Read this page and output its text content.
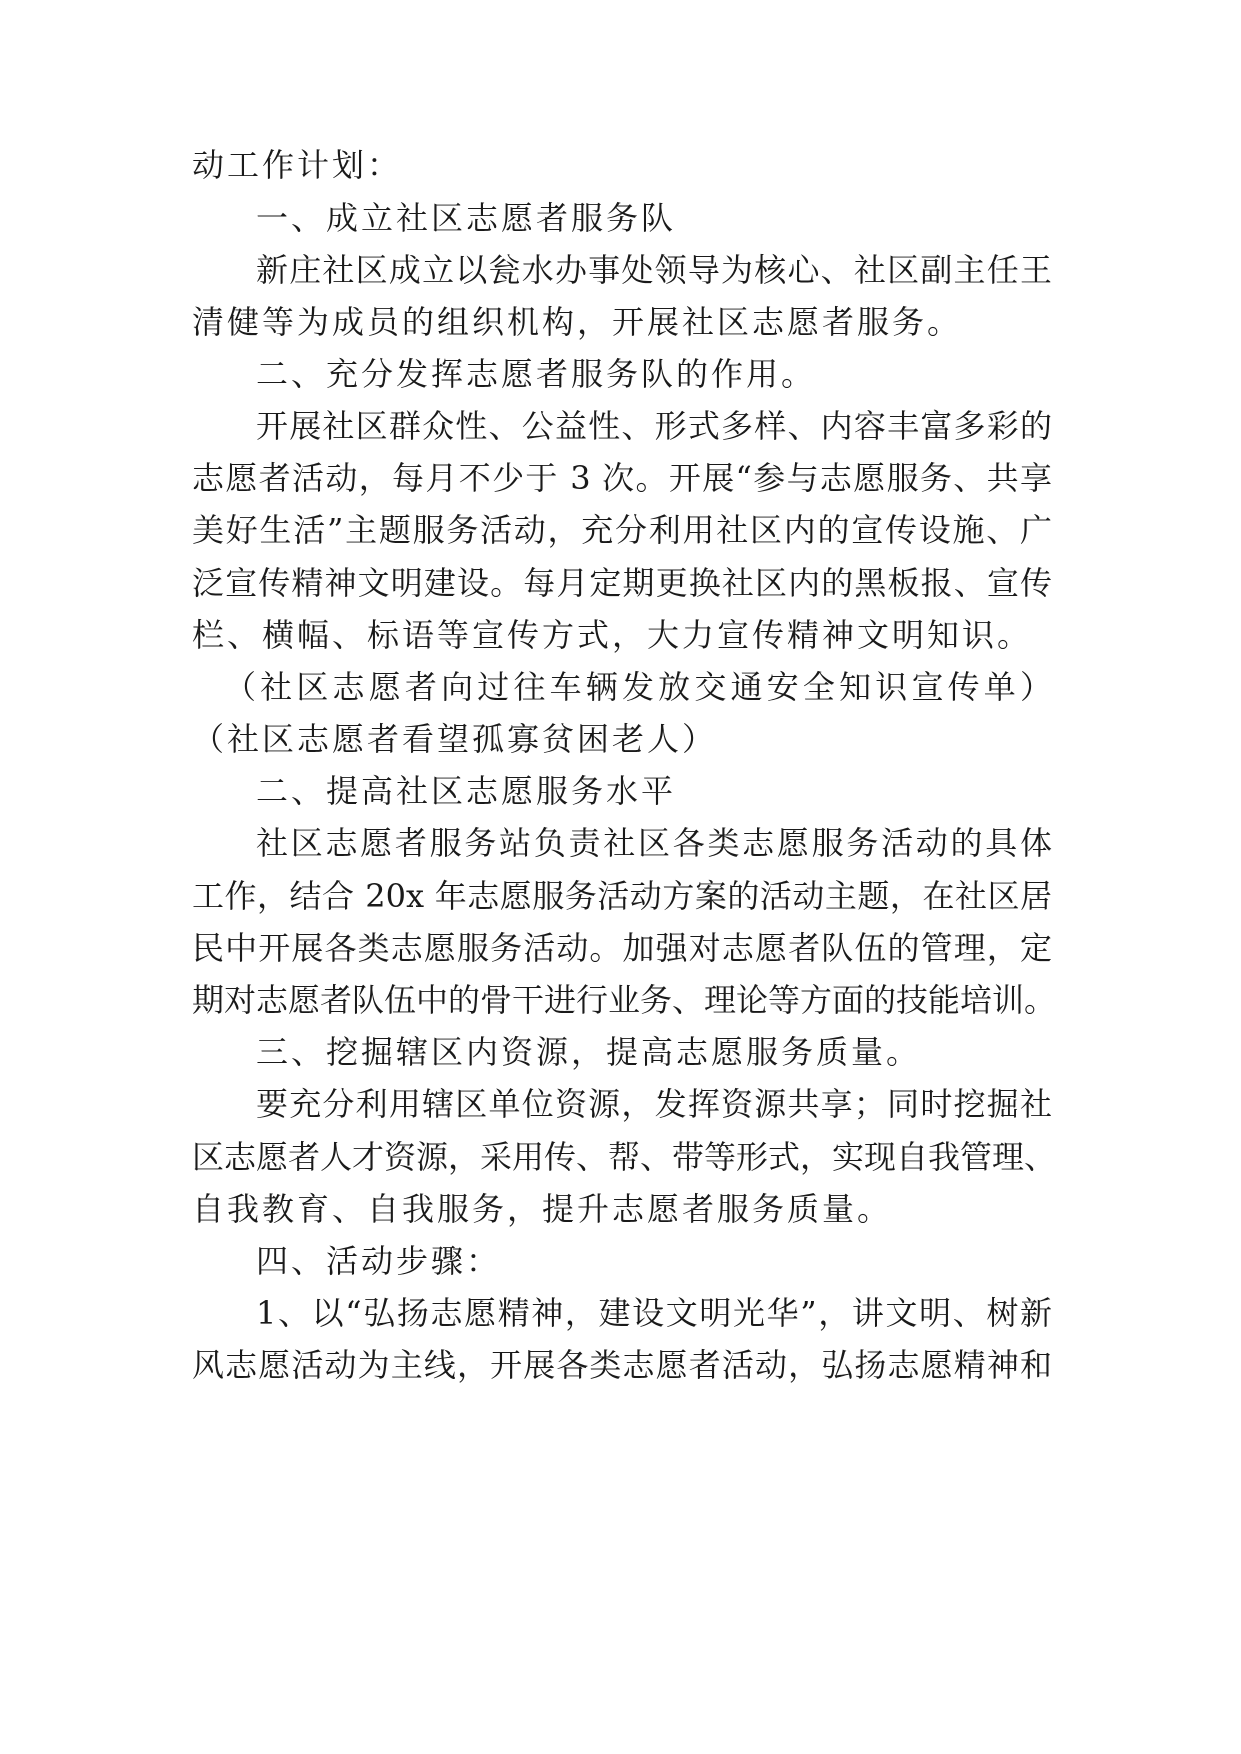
动工作计划：
一、成立社区志愿者服务队
新庄社区成立以瓮水办事处领导为核心、社区副主任王
清健等为成员的组织机构，开展社区志愿者服务。
二、充分发挥志愿者服务队的作用。
开展社区群众性、公益性、形式多样、内容丰富多彩的
志愿者活动，每月不少于 3 次。开展“参与志愿服务、共享
美好生活”主题服务活动，充分利用社区内的宣传设施、广
泛宣传精神文明建设。每月定期更换社区内的黑板报、宣传
栏、横幅、标语等宣传方式，大力宣传精神文明知识。
（社区志愿者向过往车辆发放交通安全知识宣传单）
（社区志愿者看望孤寡贫困老人）
二、提高社区志愿服务水平
社区志愿者服务站负责社区各类志愿服务活动的具体
工作，结合 20x 年志愿服务活动方案的活动主题，在社区居
民中开展各类志愿服务活动。加强对志愿者队伍的管理，定
期对志愿者队伍中的骨干进行业务、理论等方面的技能培训。
三、挖掘辖区内资源，提高志愿服务质量。
要充分利用辖区单位资源，发挥资源共享；同时挖掘社
区志愿者人才资源，采用传、帮、带等形式，实现自我管理、
自我教育、自我服务，提升志愿者服务质量。
四、活动步骤：
1、以“弘扬志愿精神，建设文明光华”，讲文明、树新
风志愿活动为主线，开展各类志愿者活动，弘扬志愿精神和
